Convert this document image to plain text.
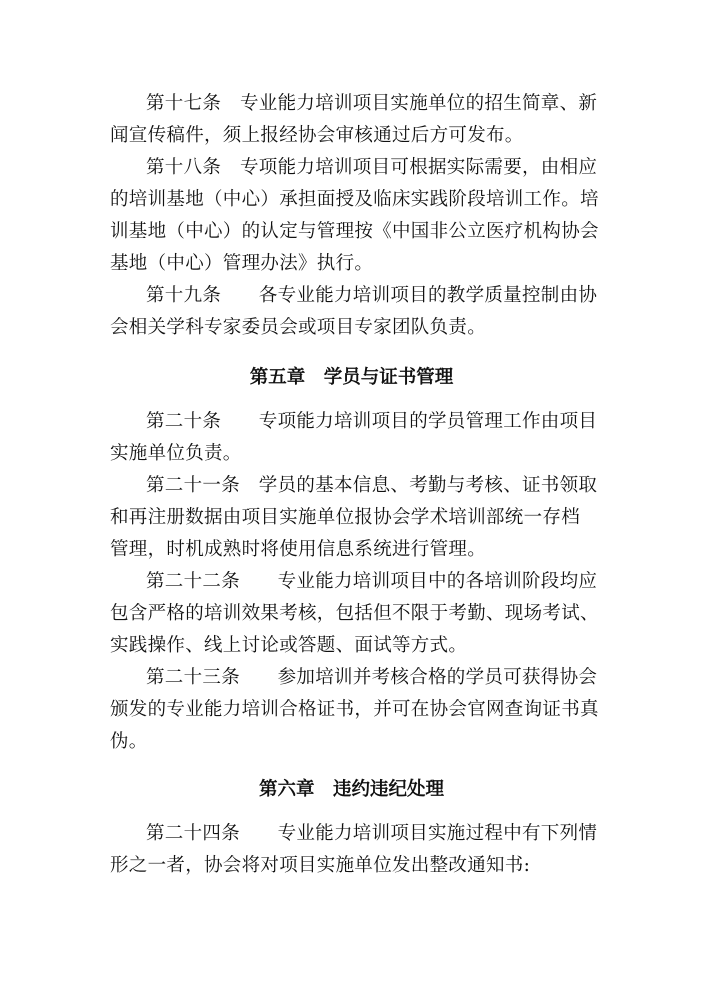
第十七条　专业能力培训项目实施单位的招生简章、新
闻宣传稿件，须上报经协会审核通过后方可发布。
第十八条　专项能力培训项目可根据实际需要，由相应
的培训基地（中心）承担面授及临床实践阶段培训工作。培
训基地（中心）的认定与管理按《中国非公立医疗机构协会
基地（中心）管理办法》执行。
第十九条　　各专业能力培训项目的教学质量控制由协
会相关学科专家委员会或项目专家团队负责。
第五章　学员与证书管理
第二十条　　专项能力培训项目的学员管理工作由项目
实施单位负责。
第二十一条　学员的基本信息、考勤与考核、证书领取
和再注册数据由项目实施单位报协会学术培训部统一存档
管理，时机成熟时将使用信息系统进行管理。
第二十二条　　专业能力培训项目中的各培训阶段均应
包含严格的培训效果考核，包括但不限于考勤、现场考试、
实践操作、线上讨论或答题、面试等方式。
第二十三条　　参加培训并考核合格的学员可获得协会
颁发的专业能力培训合格证书，并可在协会官网查询证书真
伪。
第六章　违约违纪处理
第二十四条　　专业能力培训项目实施过程中有下列情
形之一者，协会将对项目实施单位发出整改通知书:
